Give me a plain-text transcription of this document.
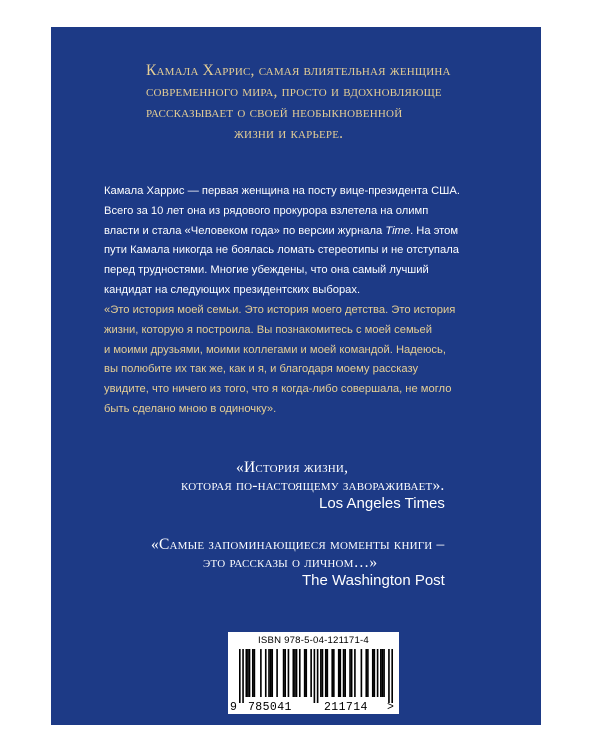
Камала Харрис, самая влиятельная женщина
современного мира, просто и вдохновляюще
рассказывает о своей необыкновенной
жизни и карьере.
Камала Харрис — первая женщина на посту вице-президента США.
Всего за 10 лет она из рядового прокурора взлетела на олимп
власти и стала «Человеком года» по версии журнала Time. На этом
пути Камала никогда не боялась ломать стереотипы и не отступала
перед трудностями. Многие убеждены, что она самый лучший
кандидат на следующих президентских выборах.
«Это история моей семьи. Это история моего детства. Это история
жизни, которую я построила. Вы познакомитесь с моей семьей
и моими друзьями, моими коллегами и моей командой. Надеюсь,
вы полюбите их так же, как и я, и благодаря моему рассказу
увидите, что ничего из того, что я когда-либо совершала, не могло
быть сделано мною в одиночку».
«История жизни,
которая по-настоящему завораживает».
Los Angeles Times
«Самые запоминающиеся моменты книги –
это рассказы о личном…»
The Washington Post
ISBN 978-5-04-121171-4
9 785041	211714 >
